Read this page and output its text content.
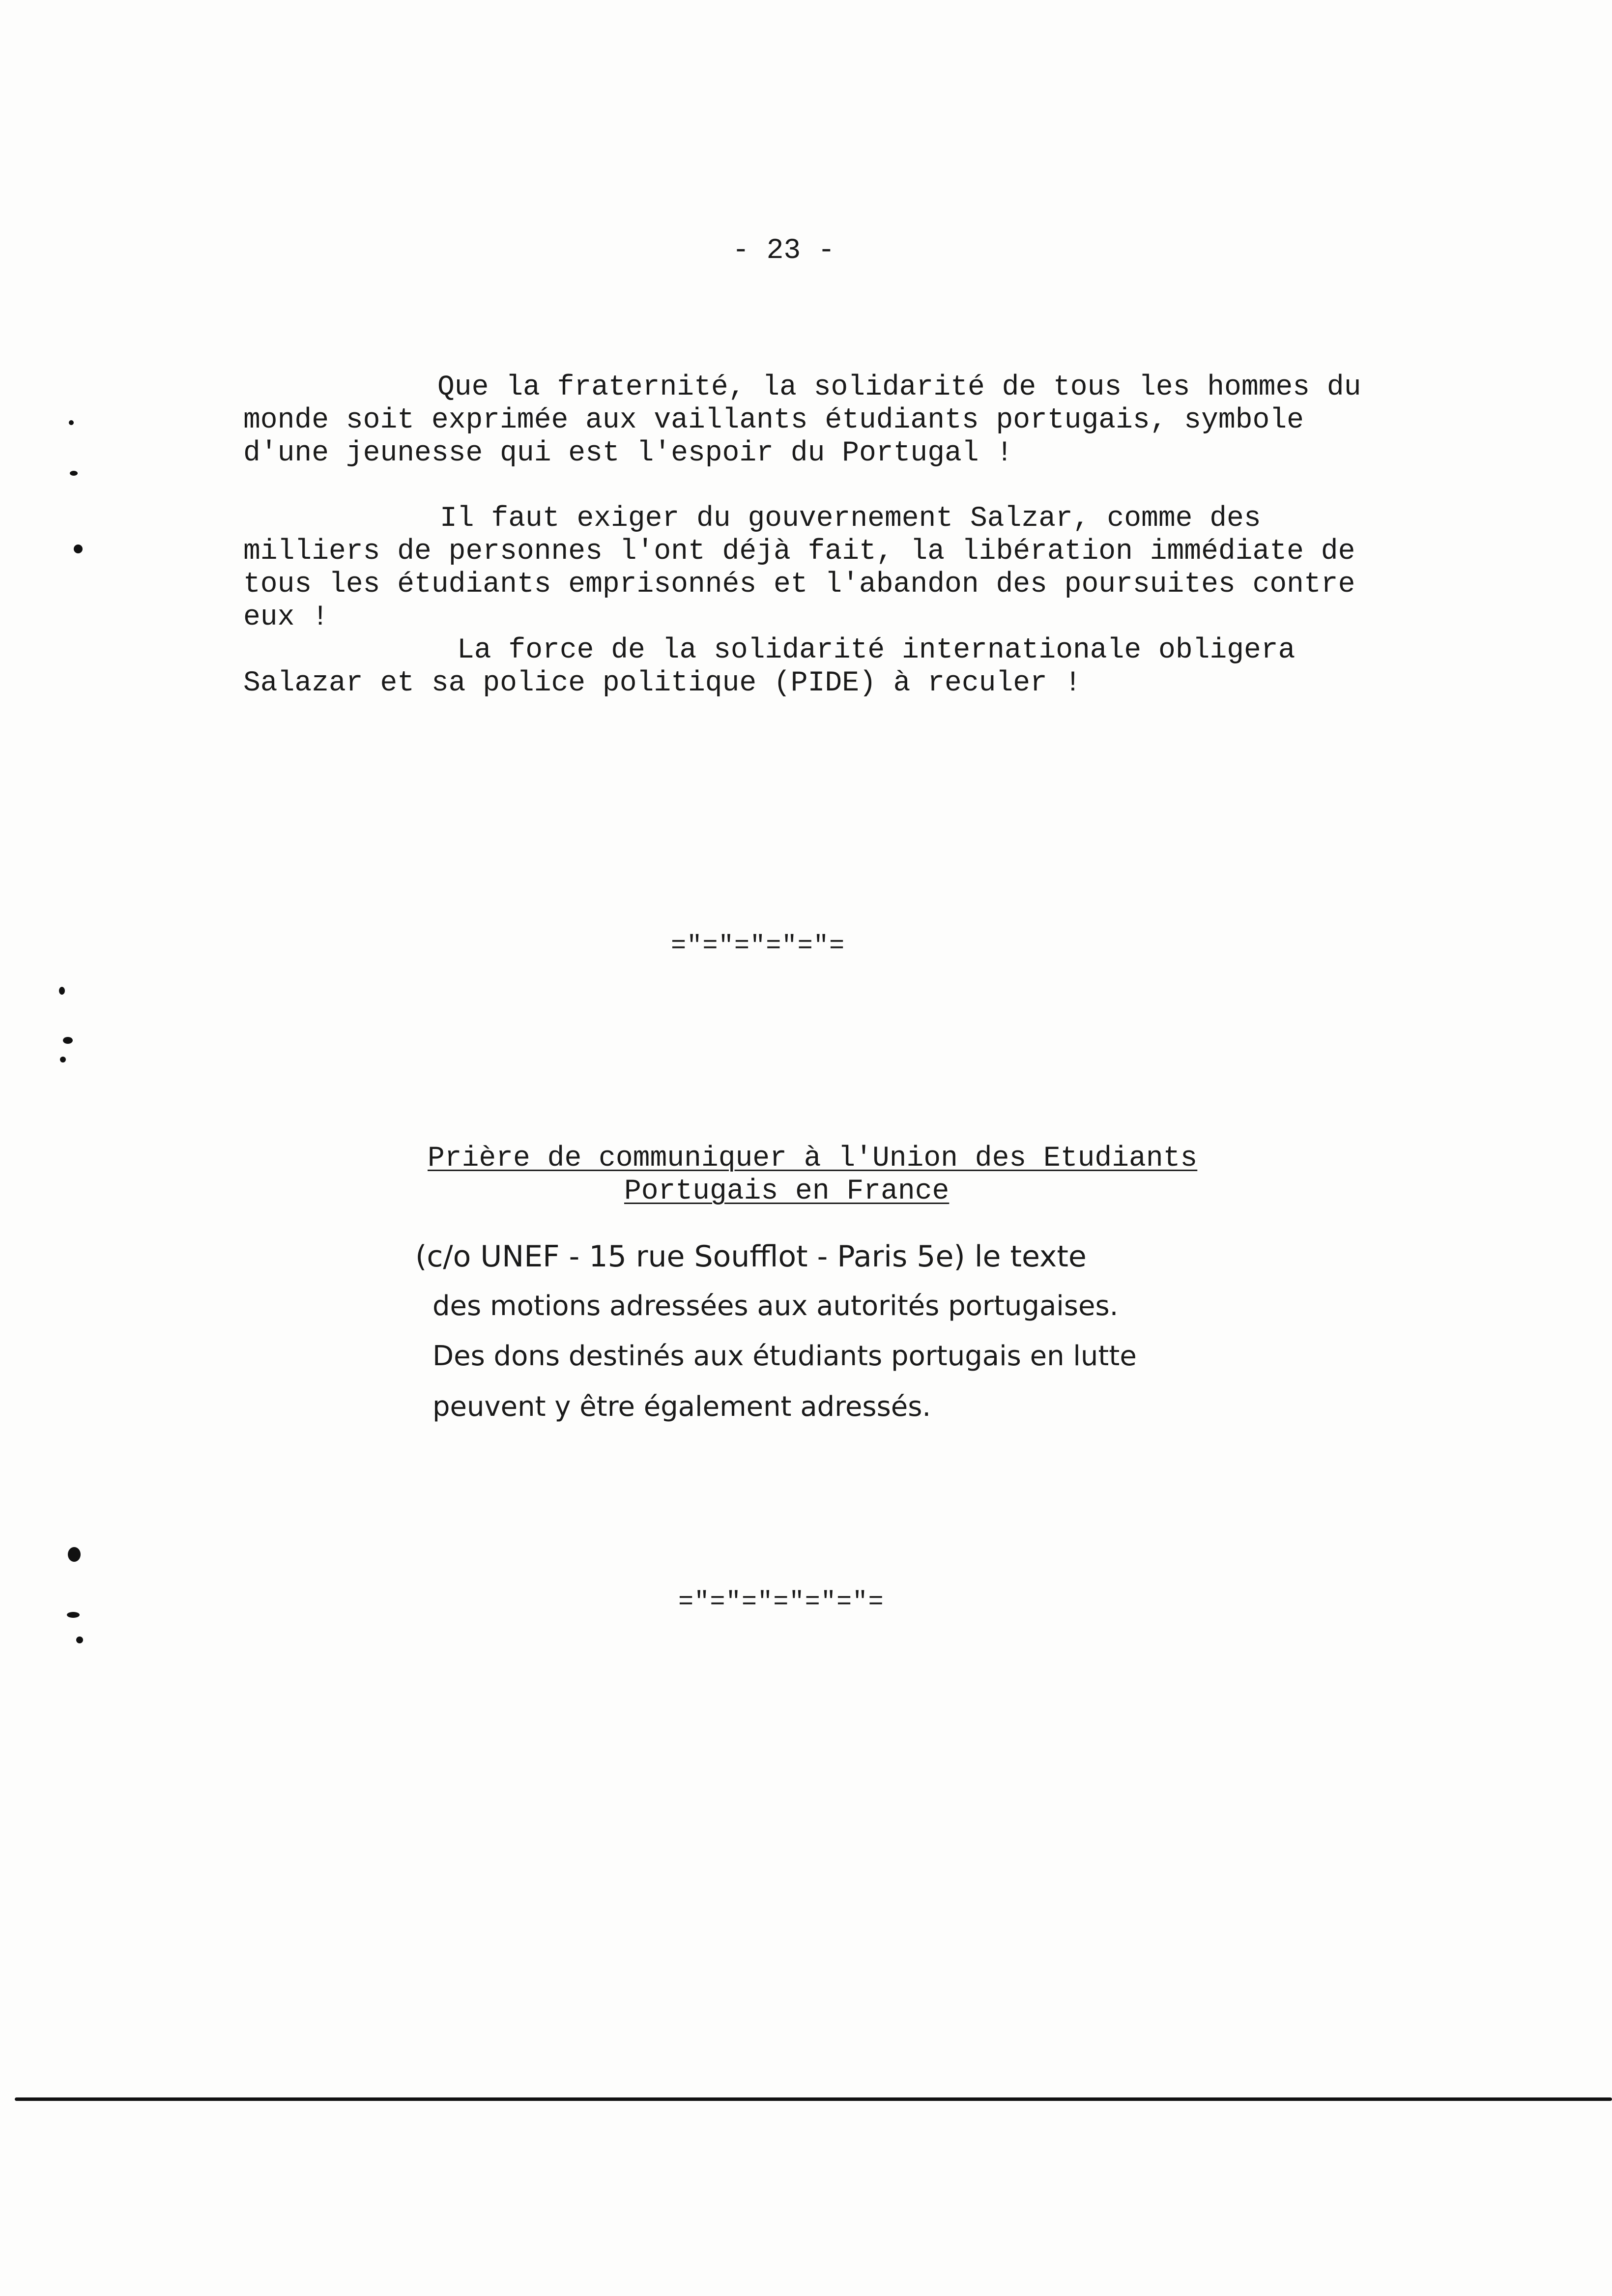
- 23 -
Que la fraternité, la solidarité de tous les hommes du
monde soit exprimée aux vaillants étudiants portugais, symbole
d'une jeunesse qui est l'espoir du Portugal !
Il faut exiger du gouvernement Salzar, comme des
milliers de personnes l'ont déjà fait, la libération immédiate de
tous les étudiants emprisonnés et l'abandon des poursuites contre
eux !
La force de la solidarité internationale obligera
Salazar et sa police politique (PIDE) à reculer !
="="="="="=
Prière de communiquer à l'Union des Etudiants
Portugais en France
(c/o UNEF - 15 rue Soufflot - Paris 5e) le texte
des motions adressées aux autorités portugaises.
Des dons destinés aux étudiants portugais en lutte
peuvent y être également adressés.
="="="="="="=
